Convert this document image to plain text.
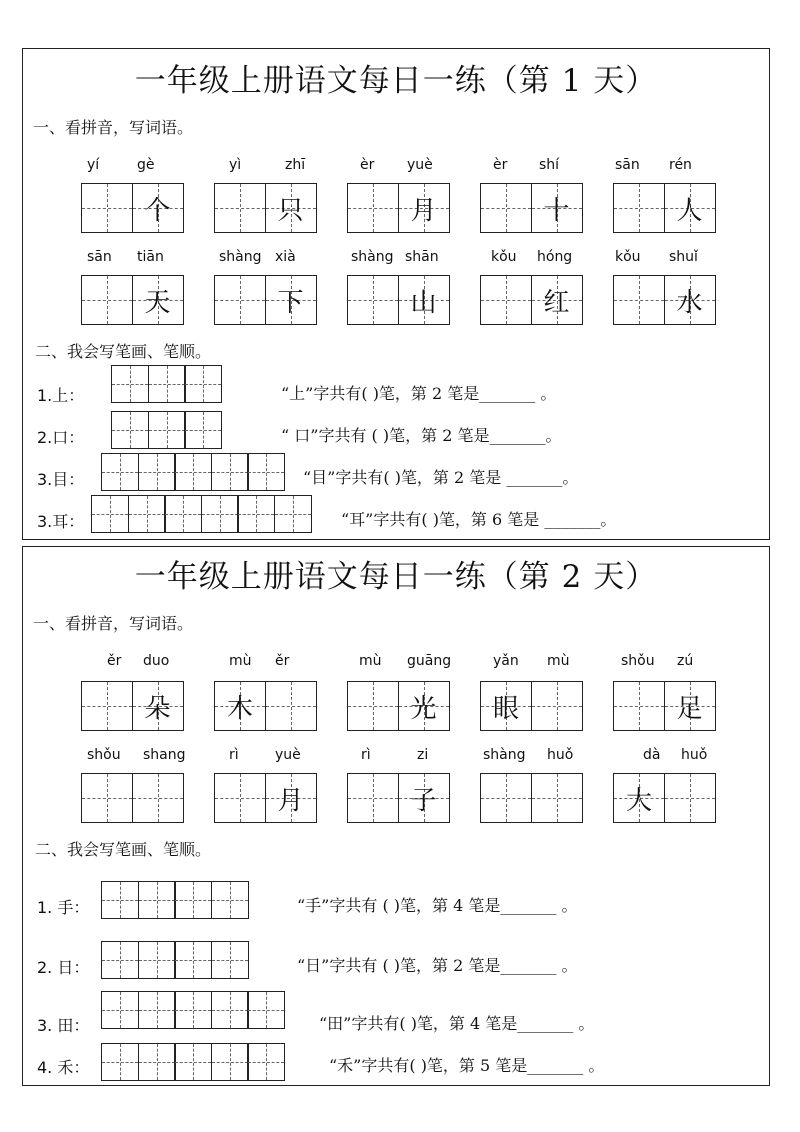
一年级上册语文每日一练（第 1 天）
一、看拼音，写词语。
yí	gè
个
yì	zhī
只
èr yuè
月
èr shí
十
sān rén
人
sān tiān
天
shàng xià
下
shàng shān
山
kǒu hóng
红
kǒu shuǐ
水
二、我会写笔画、笔顺。
1.上：	“上”字共有( )笔，第 2 笔是_______ 。
2.口：	“ 口”字共有 ( )笔，第 2 笔是_______。
3.目：	“目”字共有( )笔，第 2 笔是 _______。
3.耳：	“耳”字共有( )笔，第 6 笔是 _______。
一年级上册语文每日一练（第 2 天）
一、看拼音，写词语。
ěr duo
朵
mù ěr
木
mù guāng
光
yǎn mù
眼
shǒu zú
足
shǒu shang	rì	yuè
月
rì	zi
子
shàng huǒ	dà huǒ
大
二、我会写笔画、笔顺。
1. 手：	“手”字共有 ( )笔，第 4 笔是_______ 。
2. 日：	“日”字共有 ( )笔，第 2 笔是_______ 。
3. 田：	“田”字共有( )笔，第 4 笔是_______ 。
4. 禾：	“禾”字共有( )笔，第 5 笔是_______ 。
